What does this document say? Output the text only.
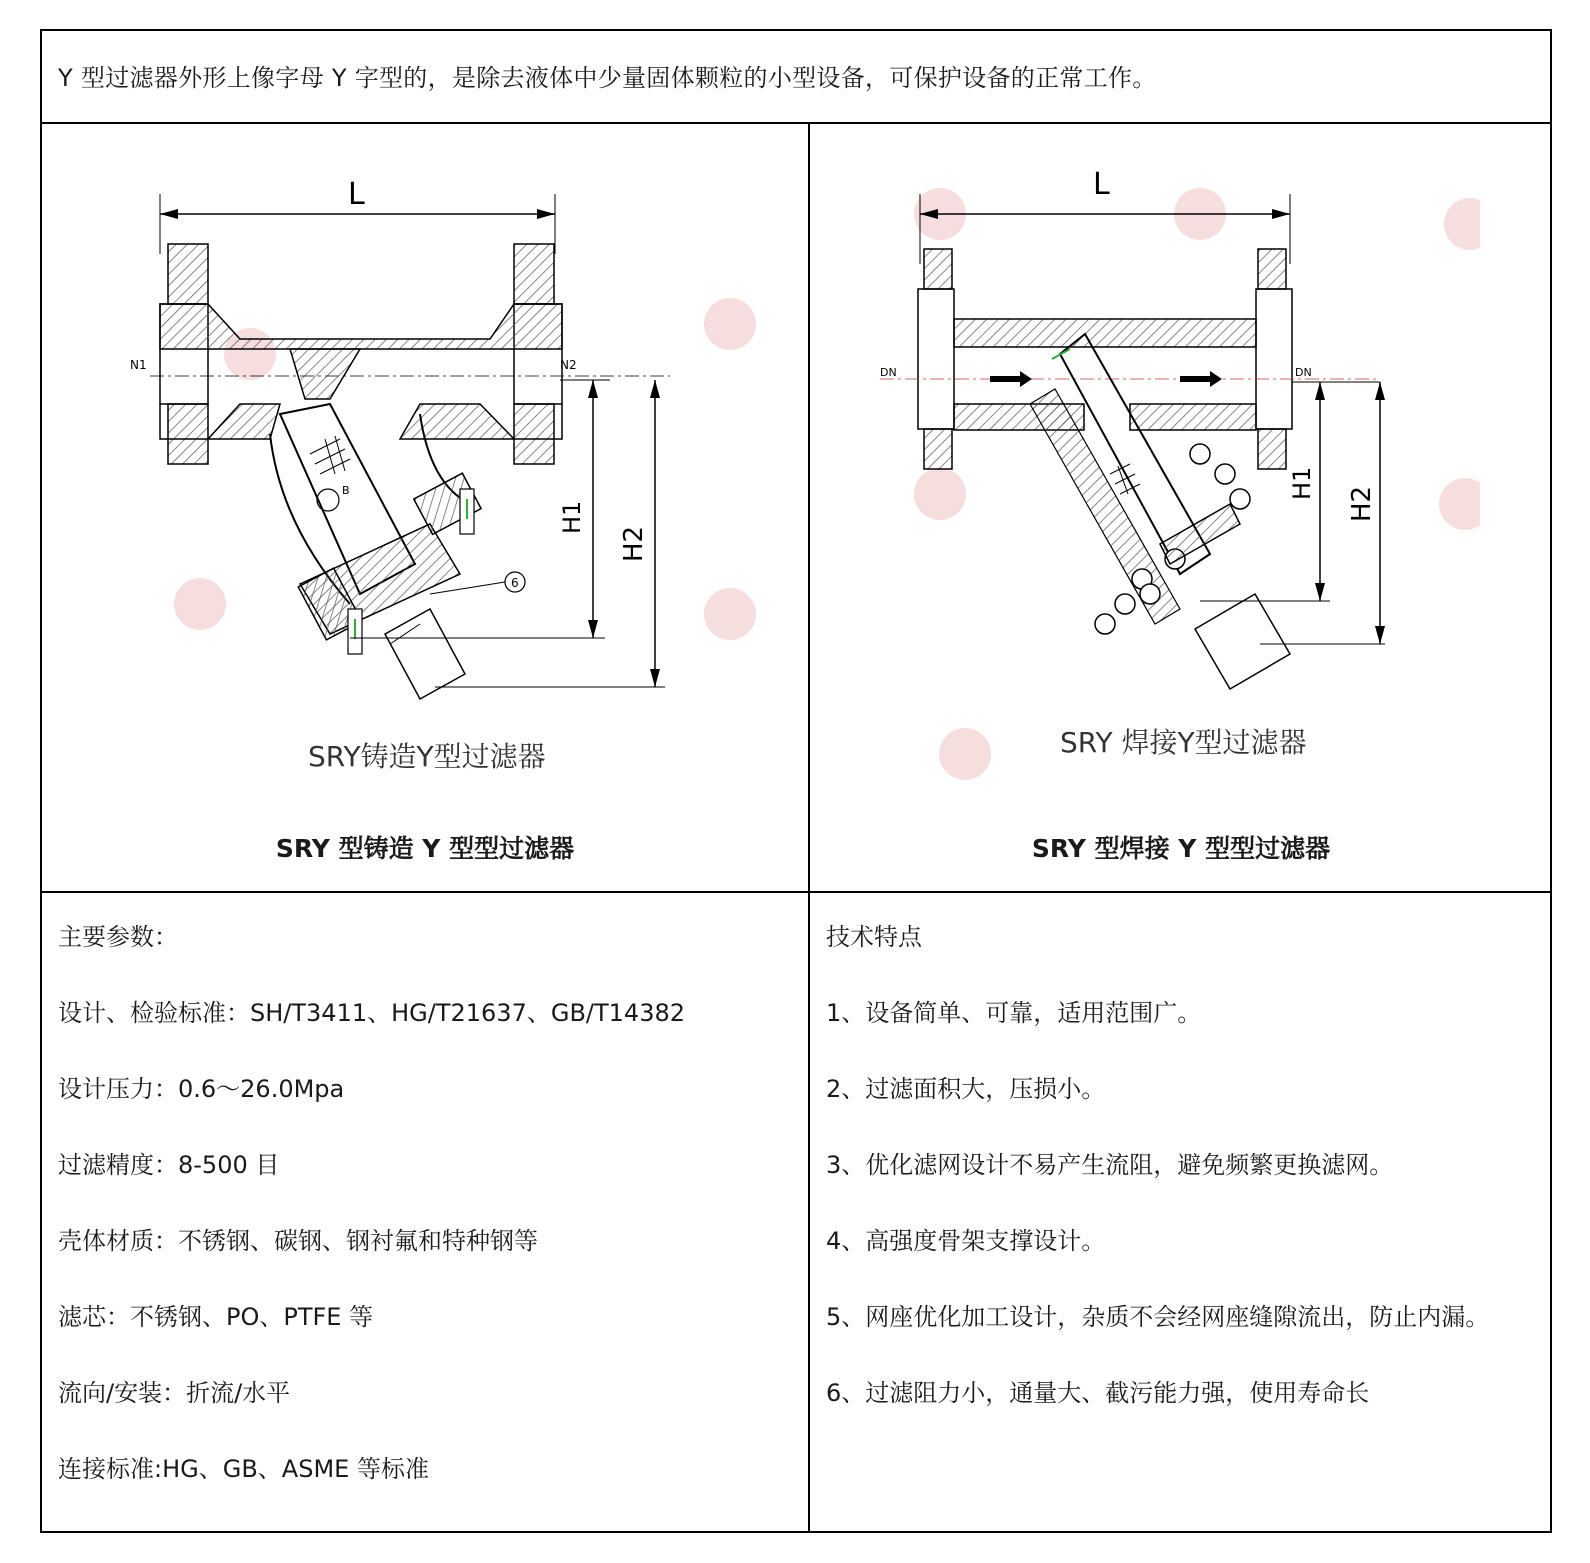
Y 型过滤器外形上像字母 Y 字型的，是除去液体中少量固体颗粒的小型设备，可保护设备的正常工作。
L
B
6
N1	N2
H1
H2
SRY铸造Y型过滤器
SRY 型铸造 Y 型型过滤器
L
DN	DN
H1
H2
SRY 焊接Y型过滤器
SRY 型焊接 Y 型型过滤器
主要参数：
设计、检验标准：SH/T3411、HG/T21637、GB/T14382
设计压力：0.6～26.0Mpa
过滤精度：8-500 目
壳体材质：不锈钢、碳钢、钢衬氟和特种钢等
滤芯：不锈钢、PO、PTFE 等
流向/安装：折流/水平
连接标准:HG、GB、ASME 等标准
技术特点
1、设备简单、可靠，适用范围广。
2、过滤面积大，压损小。
3、优化滤网设计不易产生流阻，避免频繁更换滤网。
4、高强度骨架支撑设计。
5、网座优化加工设计，杂质不会经网座缝隙流出，防止内漏。
6、过滤阻力小，通量大、截污能力强，使用寿命长
